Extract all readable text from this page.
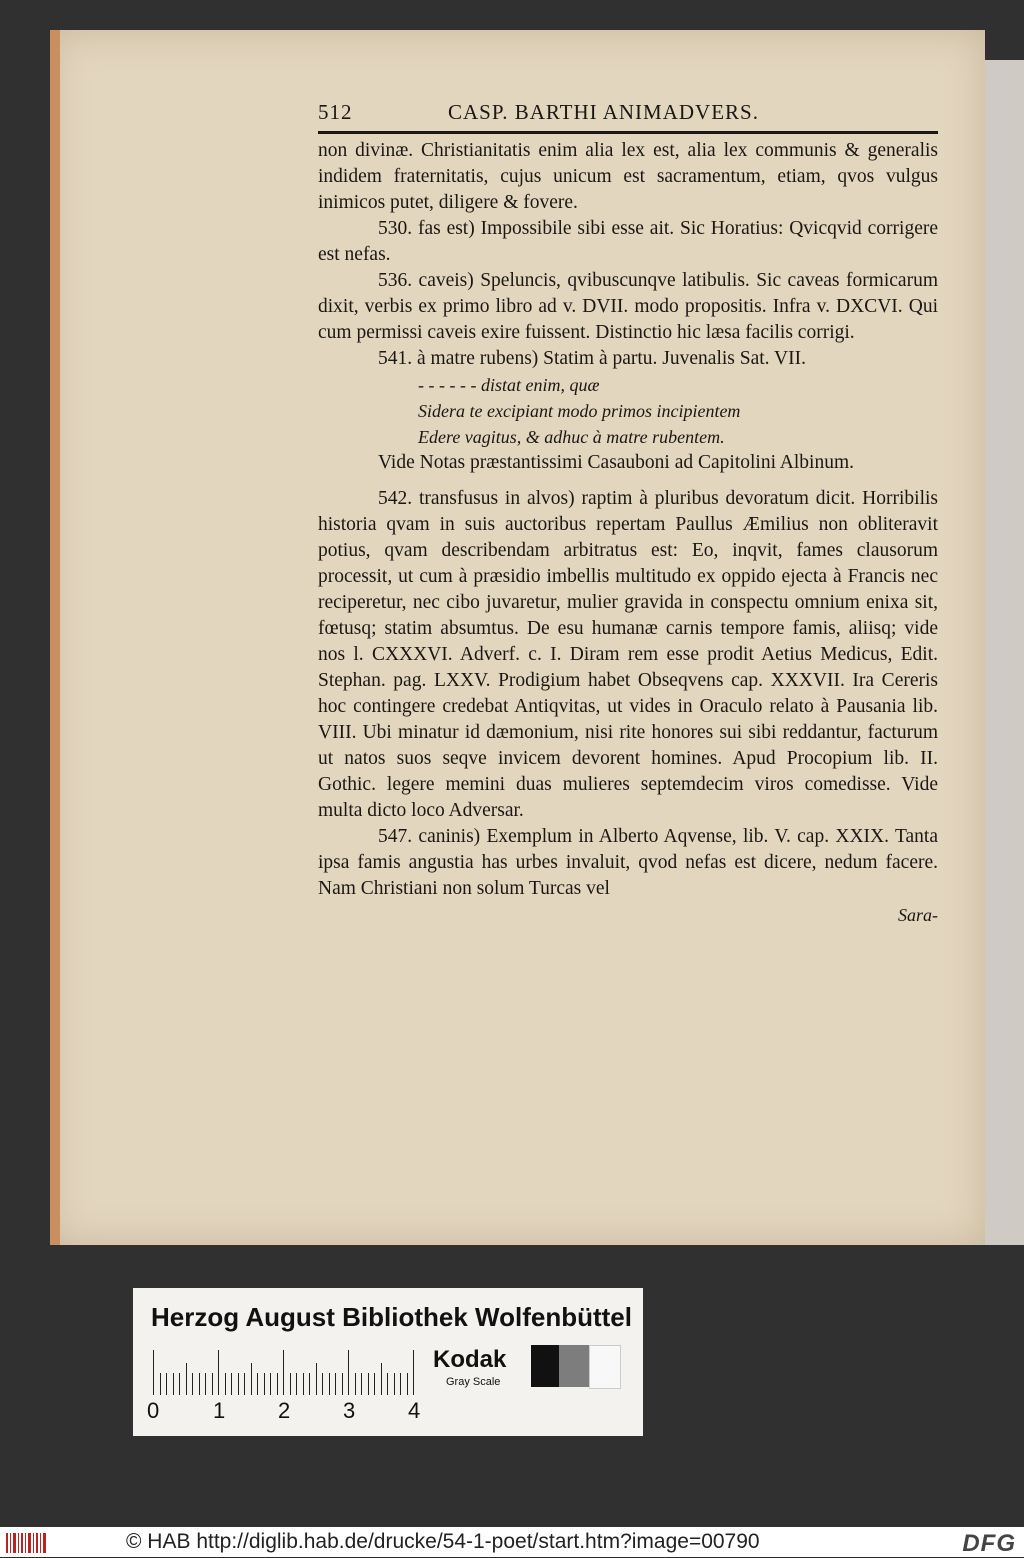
512	CASP. BARTHI ANIMADVERS.

non divinæ. Christianitatis enim alia lex est, alia lex communis & generalis indidem fraternitatis, cujus unicum est sacramentum, etiam, qvos vulgus inimicos putet, diligere & fovere.

530. fas est) Impossibile sibi esse ait. Sic Horatius: Qvicqvid corrigere est nefas.

536. caveis) Speluncis, qvibuscunqve latibulis. Sic caveas formicarum dixit, verbis ex primo libro ad v. DVII. modo propositis. Infra v. DXCVI. Qui cum permissi caveis exire fuissent. Distinctio hic læsa facilis corrigi.

541. à matre rubens) Statim à partu. Juvenalis Sat. VII.

- - - - - - distat enim, quæ
Sidera te excipiant modo primos incipientem
Edere vagitus, & adhuc à matre rubentem.

Vide Notas præstantissimi Casauboni ad Capitolini Albinum.

542. transfusus in alvos) raptim à pluribus devoratum dicit. Horribilis historia qvam in suis auctoribus repertam Paullus Æmilius non obliteravit potius, qvam describendam arbitratus est: Eo, inqvit, fames clausorum processit, ut cum à præsidio imbellis multitudo ex oppido ejecta à Francis nec reciperetur, nec cibo juvaretur, mulier gravida in conspectu omnium enixa sit, fœtusq; statim absumtus. De esu humanæ carnis tempore famis, aliisq; vide nos l. CXXXVI. Adverf. c. I. Diram rem esse prodit Aetius Medicus, Edit. Stephan. pag. LXXV. Prodigium habet Obseqvens cap. XXXVII. Ira Cereris hoc contingere credebat Antiqvitas, ut vides in Oraculo relato à Pausania lib. VIII. Ubi minatur id dæmonium, nisi rite honores sui sibi reddantur, facturum ut natos suos seqve invicem devorent homines. Apud Procopium lib. II. Gothic. legere memini duas mulieres septemdecim viros comedisse. Vide multa dicto loco Adversar.

547. caninis) Exemplum in Alberto Aqvense, lib. V. cap. XXIX. Tanta ipsa famis angustia has urbes invaluit, qvod nefas est dicere, nedum facere. Nam Christiani non solum Turcas vel

Sara-
Herzog August Bibliothek Wolfenbüttel
0 1 2 3 4
Kodak
Gray Scale
© HAB http://diglib.hab.de/drucke/54-1-poet/start.htm?image=00790	DFG
